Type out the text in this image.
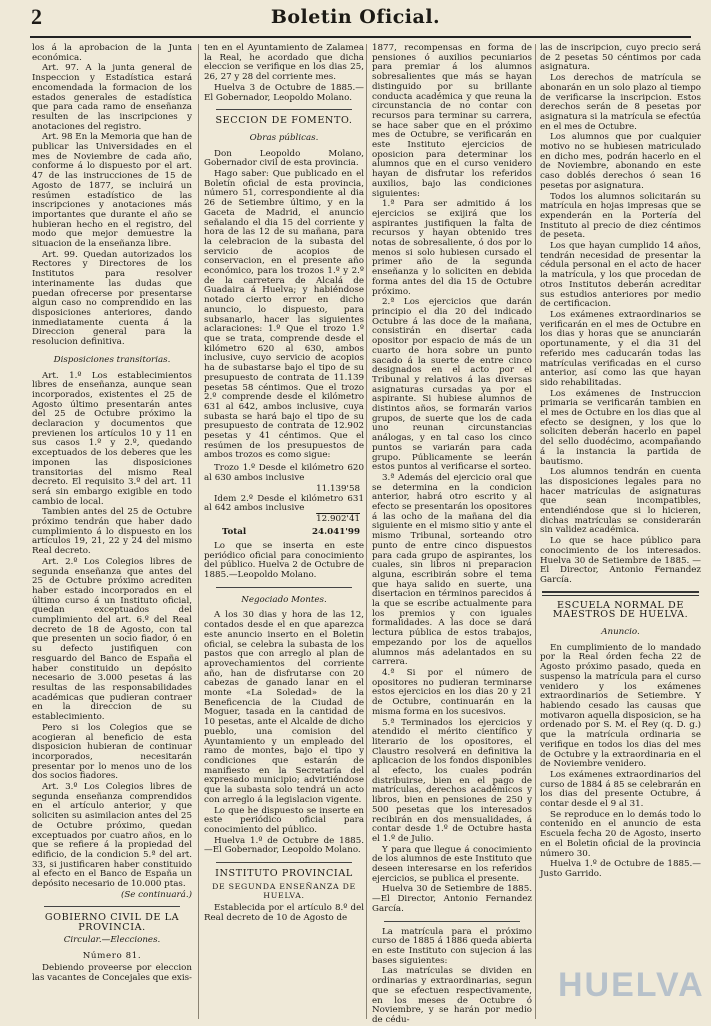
2	Boletin Oficial.

los á la aprobacion de la Junta económica.

Art. 97. A la junta general de Inspeccion y Estadística estará encomendada la formacion de los estados generales de estadística que para cada ramo de enseñanza resulten de las inscripciones y anotaciones del registro.

Art. 98 En la Memoria que han de publicar las Universidades en el mes de Noviembre de cada año, conforme á lo dispuesto por el art. 47 de las instrucciones de 15 de Agosto de 1877, se incluirá un resúmen estadístico de las inscripciones y anotaciones más importantes que durante el año se hubieran hecho en el registro, del modo que mejor demuestre la situacion de la enseñanza libre.

Art. 99. Quedan autorizados los Rectores y Directores de los Institutos para resolver interinamente las dudas que puedan ofrecerse por presentarse algun caso no comprendido en las disposiciones anteriores, dando inmediatamente cuenta á la Direccion general para la resolucion definitiva.

Disposiciones transitorias.

Art. 1.º Los establecimientos libres de enseñanza, aunque sean incorporados, existentes el 25 de Agosto último presentarán antes del 25 de Octubre próximo la declaracion y documentos que previenen los artículos 10 y 11 en sus casos 1.º y 2.º, quedando exceptuados de los deberes que les imponen las disposiciones transitorias del mismo Real decreto. El requisito 3.º del art. 11 será sin embargo exigible en todo cambio de local.

Tambien antes del 25 de Octubre próximo tendrán que haber dado cumplimiento á lo dispuesto en los artículos 19, 21, 22 y 24 del mismo Real decreto.

Art. 2.º Los Colegios libres de segunda enseñanza que antes del 25 de Octubre próximo acrediten haber estado incorporados en el último curso á un Instituto oficial, quedan exceptuados del cumplimiento del art. 6.º del Real decreto de 18 de Agosto, con tal que presenten un socio fiador, ó en su defecto justifiquen con resguardo del Banco de España el haber constituido un depósito necesario de 3.000 pesetas á las resultas de las responsabilidades académicas que pudieran contraer en la direccion de su establecimiento.

Pero si los Colegios que se acogieran al beneficio de esta disposicion hubieran de continuar incorporados, necesitarán presentar por lo menos uno de los dos socios fiadores.

Art. 3.º Los Colegios libres de segunda enseñanza comprendidos en el artículo anterior, y que soliciten su asimilacion antes del 25 de Octubre próximo, quedan exceptuados por cuatro años, en lo que se refiere á la propiedad del edificio, de la condicion 5.ª del art. 33, si justificaren haber constituido al efecto en el Banco de España un depósito necesario de 10.000 ptas.

(Se continuará.)

GOBIERNO CIVIL DE LA PROVINCIA.

Circular.—Elecciones.

Número 81.

Debiendo proveerse por eleccion las vacantes de Concejales que exis-

ten en el Ayuntamiento de Zalamea la Real, he acordado que dicha eleccion se verifique en los dias 25, 26, 27 y 28 del corriente mes.

Huelva 3 de Octubre de 1885.—El Gobernador, Leopoldo Molano.

SECCION DE FOMENTO.

Obras públicas.

Don Leopoldo Molano, Gobernador civil de esta provincia.

Hago saber: Que publicado en el Boletín oficial de esta provincia, número 51, correspondiente al dia 26 de Setiembre último, y en la Gaceta de Madrid, el anuncio señalando el dia 15 del corriente y hora de las 12 de su mañana, para la celebracion de la subasta del servicio de acopios de conservacion, en el presente año económico, para los trozos 1.º y 2.º de la carretera de Alcalá de Guadaira á Huelva; y habiéndose notado cierto error en dicho anuncio, lo dispuesto, para subsanarlo, hacer las siguientes aclaraciones: 1.º Que el trozo 1.º que se trata, comprende desde el kilómetro 620 al 630, ambos inclusive, cuyo servicio de acopios ha de subastarse bajo el tipo de su presupuesto de contrata de 11.139 pesetas 58 céntimos. Que el trozo 2.º comprende desde el kilómetro 631 al 642, ambos inclusive, cuya subasta se hará bajo el tipo de su presupuesto de contrata de 12.902 pesetas y 41 céntimos. Que el resúmen de los presupuestos de ambos trozos es como sigue:

Trozo 1.º Desde el kilómetro 620 al 630 ambos inclusive

11.139'58

Idem 2.º Desde el kilómetro 631 al 642 ambos inclusive

12.902'41
Total	24.041'99

Lo que se inserta en este periódico oficial para conocimiento del público. Huelva 2 de Octubre de 1885.—Leopoldo Molano.

Negociado Montes.

A los 30 dias y hora de las 12, contados desde el en que aparezca este anuncio inserto en el Boletin oficial, se celebra la subasta de los pastos que con arreglo al plan de aprovechamientos del corriente año, han de disfrutarse con 20 cabezas de ganado lanar en el monte «La Soledad» de la Beneficencia de la Ciudad de Moguer, tasada en la cantidad de 10 pesetas, ante el Alcalde de dicho pueblo, una comision del Ayuntamiento y un empleado del ramo de montes, bajo el tipo y condiciones que estarán de manifiesto en la Secretaría del expresado municipio; advirtiéndose que la subasta solo tendrá un acto con arreglo á la legislacion vigente.

Lo que he dispuesto se inserte en este periódico oficial para conocimiento del público.

Huelva 1.º de Octubre de 1885. —El Gobernador, Leopoldo Molano.

INSTITUTO PROVINCIAL

DE SEGUNDA ENSEÑANZA DE HUELVA.

Establecida por el artículo 8.º del Real decreto de 10 de Agosto de

1877, recompensas en forma de pensiones ó auxilios pecuniarios para premiar á los alumnos sobresalientes que más se hayan distinguido por su brillante conducta académica y que reuna la circunstancia de no contar con recursos para terminar su carrera, se hace saber que en el próximo mes de Octubre, se verificarán en este Instituto ejercicios de oposicion para determinar los alumnos que en el curso venidero hayan de disfrutar los referidos auxilios, bajo las condiciones siguientes:

1.ª Para ser admitido á los ejercicios se exijirá que los aspirantes justifiquen la falta de recursos y hayan obtenido tres notas de sobresaliente, ó dos por lo menos si solo hubiesen cursado el primer año de la segunda enseñanza y lo soliciten en debida forma antes del dia 15 de Octubre próximo.

2.ª Los ejercicios que darán principio el dia 20 del indicado Octubre á las doce de la mañana, consistirán en disertar cada opositor por espacio de más de un cuarto de hora sobre un punto sacado á la suerte de entre cinco designados en el acto por el Tribunal y relativos á las diversas asignaturas cursadas ya por el aspirante. Si hubiese alumnos de distintos años, se formarán varios grupos, de suerte que los de cada uno reunan circunstancias análogas, y en tal caso los cinco puntos se variarán para cada grupo. Públicamente se leerán estos puntos al verificarse el sorteo.

3.ª Además del ejercicio oral que se determina en la condicion anterior, habrá otro escrito y al efecto se presentarán los opositores á las ocho de la mañana del dia siguiente en el mismo sitio y ante el mismo Tribunal, sorteando otro punto de entre cinco dispuestos para cada grupo de aspirantes, los cuales, sin libros ni preparacion alguna, escribirán sobre el tema que haya salido en suerte, una disertacion en términos parecidos á la que se escribe actualmente para los premios y con iguales formalidades. A las doce se dará lectura pública de estos trabajos, empezando por los de aquellos alumnos más adelantados en su carrera.

4.ª Si por el número de opositores no pudieran terminarse estos ejercicios en los dias 20 y 21 de Octubre, continuarán en la misma forma en los sucesivos.

5.ª Terminados los ejercicios y atendido el mérito científico y literario de los opositores, el Claustro resolverá en definitiva la aplicacion de los fondos disponibles al efecto, los cuales podrán distribuirse, bien en el pago de matrículas, derechos académicos y libros, bien en pensiones de 250 y 500 pesetas que los interesados recibirán en dos mensualidades, á contar desde 1.º de Octubre hasta el 1.º de Julio.

Y para que llegue á conocimiento de los alumnos de este Instituto que deseen interesarse en los referidos ejercicios, se publica el presente.

Huelva 30 de Setiembre de 1885. —El Director, Antonio Fernandez García.

La matrícula para el próximo curso de 1885 á 1886 queda abierta en este Instituto con sujecion á las bases siguientes:

Las matrículas se dividen en ordinarias y extraordinarias, segun que se efectuen respectivamente, en los meses de Octubre ó Noviembre, y se harán por medio de cédu-

las de inscripcion, cuyo precio será de 2 pesetas 50 céntimos por cada asignatura.

Los derechos de matrícula se abonarán en un solo plazo al tiempo de verificarse la inscripcion. Estos derechos serán de 8 pesetas por asignatura si la matrícula se efectúa en el mes de Octubre.

Los alumnos que por cualquier motivo no se hubiesen matriculado en dicho mes, podrán hacerlo en el de Noviembre, abonando en este caso doblés derechos ó sean 16 pesetas por asignatura.

Todos los alumnos solicitarán su matrícula en hojas impresas que se expenderán en la Portería del Instituto al precio de diez céntimos de peseta.

Los que hayan cumplido 14 años, tendrán necesidad de presentar la cédula personal en el acto de hacer la matrícula, y los que procedan de otros Institutos deberán acreditar sus estudios anteriores por medio de certificacion.

Los exámenes extraordinarios se verificarán en el mes de Octubre en los dias y horas que se anunciarán oportunamente, y el dia 31 del referido mes caducarán todas las matrículas verificadas en el curso anterior, así como las que hayan sido rehabilitadas.

Los exámenes de Instruccion primaria se verificarán tambien en el mes de Octubre en los dias que al efecto se designen, y los que lo soliciten deberán hacerlo en papel del sello duodécimo, acompañando á la instancia la partida de bautismo.

Los alumnos tendrán en cuenta las disposiciones legales para no hacer matrículas de asignaturas que sean incompatibles, entendiéndose que si lo hicieren, dichas matrículas se considerarán sin validez académica.

Lo que se hace público para conocimiento de los interesados. Huelva 30 de Setiembre de 1885. —El Director, Antonio Fernandez García.

ESCUELA NORMAL DE MAESTROS DE HUELVA.

Anuncio.

En cumplimiento de lo mandado por la Real órden fecha 22 de Agosto próximo pasado, queda en suspenso la matrícula para el curso venidero y los exámenes extraordinarios de Setiembre. Y habiendo cesado las causas que motivaron aquella disposicion, se ha ordenado por S. M. el Rey (q. D. g.) que la matrícula ordinaria se verifique en todos los dias del mes de Octubre y la extraordinaria en el de Noviembre venidero.

Los exámenes extraordinarios del curso de 1884 á 85 se celebrarán en los dias del presente Octubre, á contar desde el 9 al 31.

Se reproduce en lo demás todo lo contenido en el anuncio de esta Escuela fecha 20 de Agosto, inserto en el Boletin oficial de la provincia número 30.

Huelva 1.º de Octubre de 1885.—Justo Garrido.

HUELVA
